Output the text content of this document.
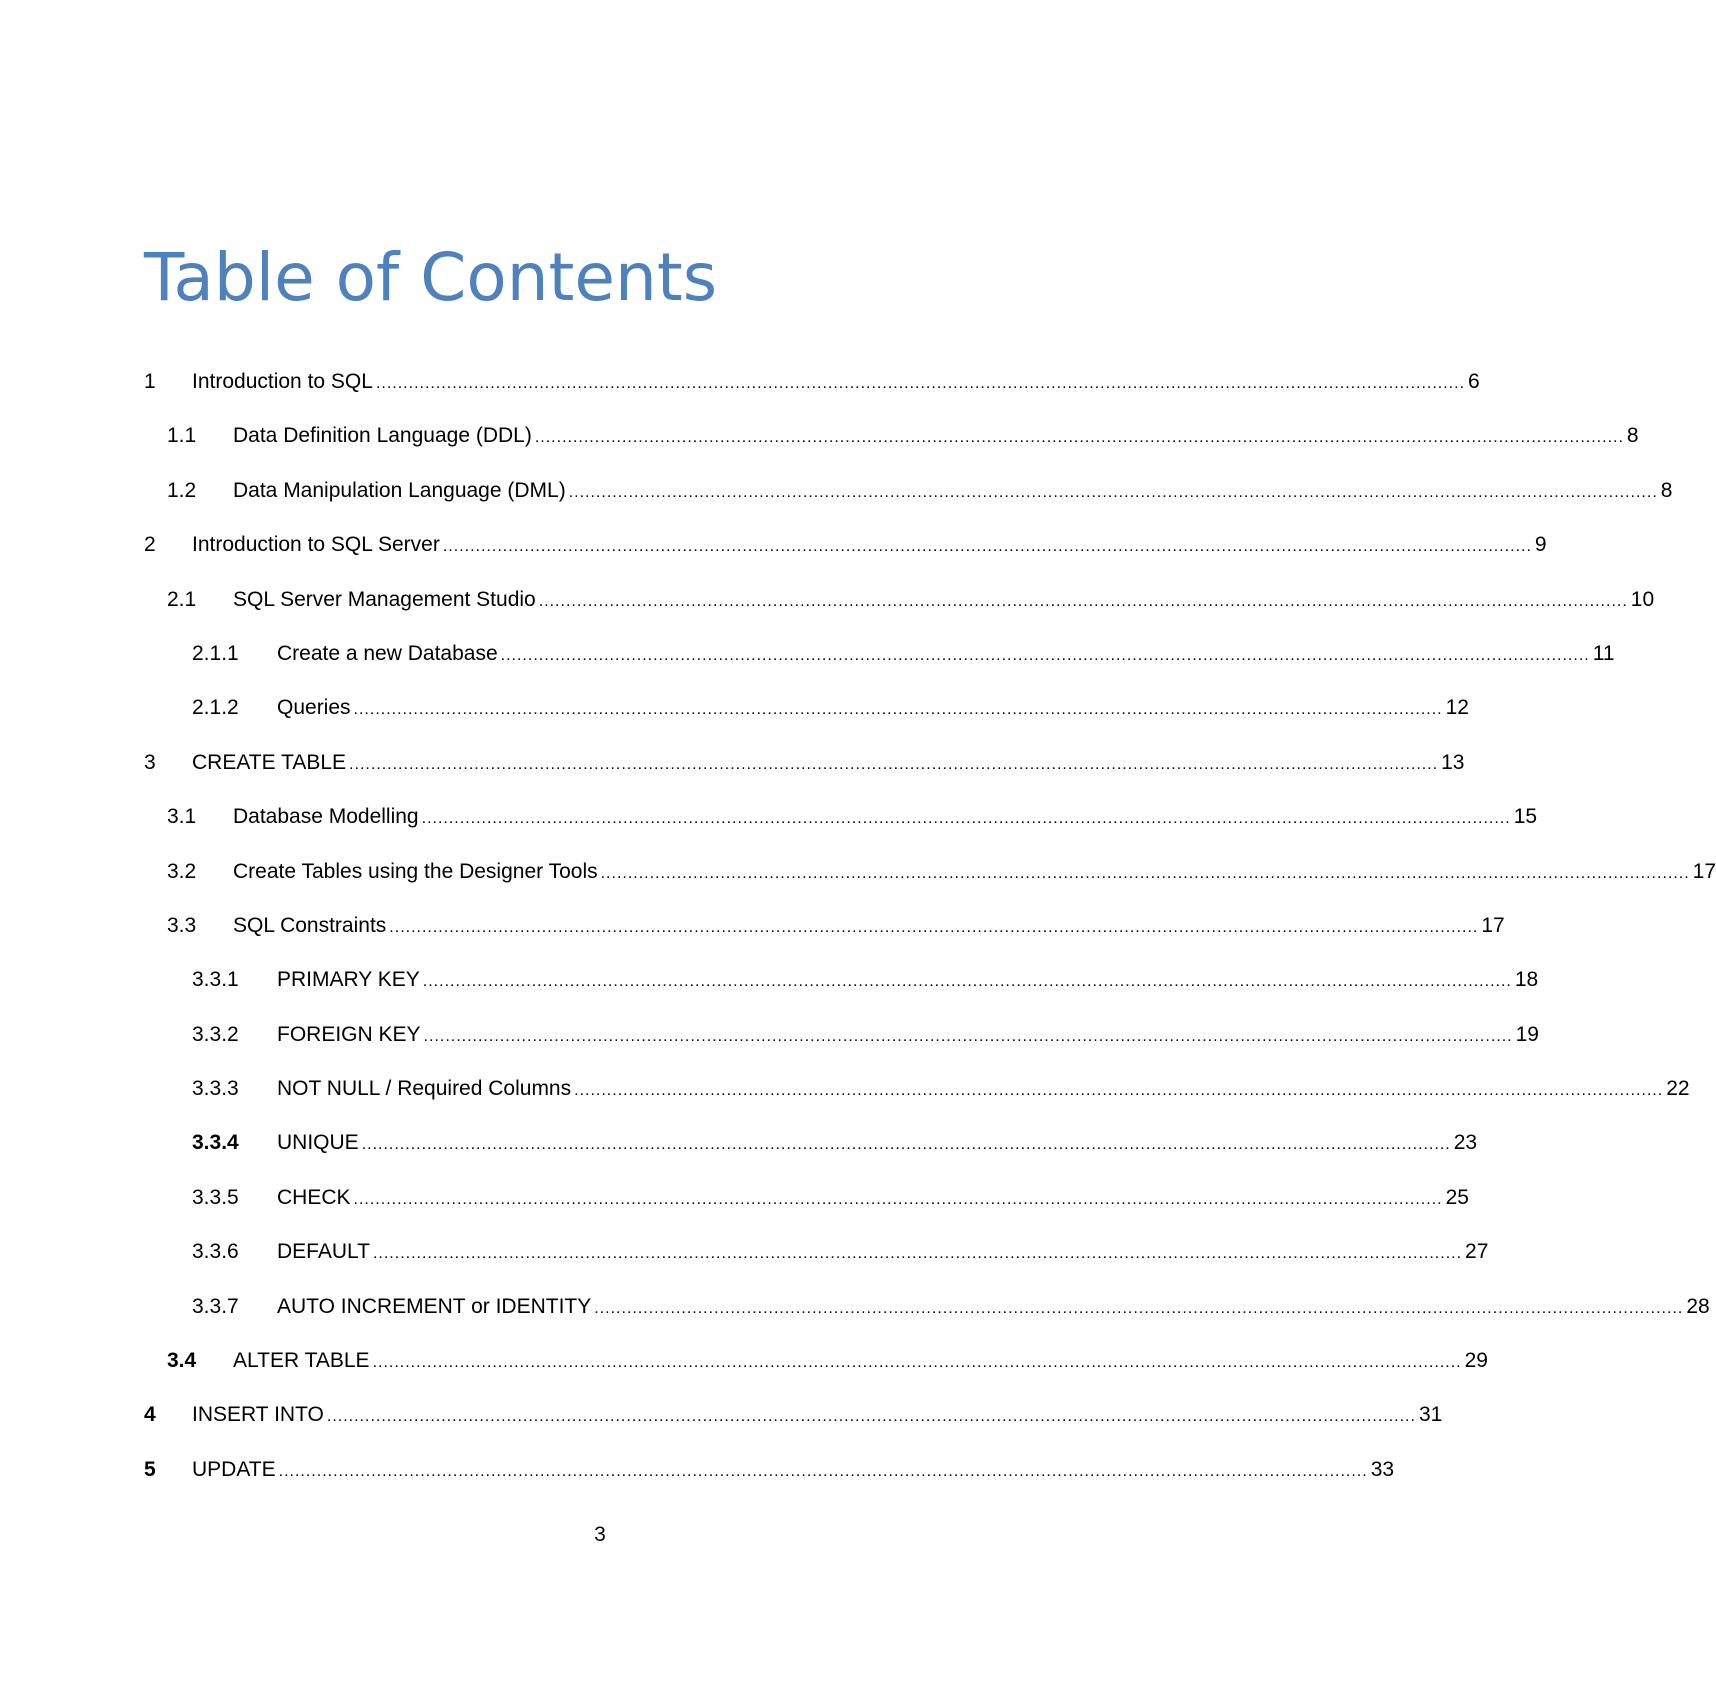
Table of Contents
1 Introduction to SQL ........................................................................................................................................................................................................ 6
1.1 Data Definition Language (DDL) ........................................................................................................................................................................................................ 8
1.2 Data Manipulation Language (DML) ........................................................................................................................................................................................................ 8
2 Introduction to SQL Server ........................................................................................................................................................................................................ 9
2.1 SQL Server Management Studio ........................................................................................................................................................................................................ 10
2.1.1 Create a new Database ........................................................................................................................................................................................................ 11
2.1.2 Queries ........................................................................................................................................................................................................ 12
3 CREATE TABLE ........................................................................................................................................................................................................ 13
3.1 Database Modelling ........................................................................................................................................................................................................ 15
3.2 Create Tables using the Designer Tools ........................................................................................................................................................................................................ 17
3.3 SQL Constraints ........................................................................................................................................................................................................ 17
3.3.1 PRIMARY KEY ........................................................................................................................................................................................................ 18
3.3.2 FOREIGN KEY ........................................................................................................................................................................................................ 19
3.3.3 NOT NULL / Required Columns ........................................................................................................................................................................................................ 22
3.3.4 UNIQUE ........................................................................................................................................................................................................ 23
3.3.5 CHECK ........................................................................................................................................................................................................ 25
3.3.6 DEFAULT ........................................................................................................................................................................................................ 27
3.3.7 AUTO INCREMENT or IDENTITY ........................................................................................................................................................................................................ 28
3.4 ALTER TABLE ........................................................................................................................................................................................................ 29
4 INSERT INTO ........................................................................................................................................................................................................ 31
5 UPDATE ........................................................................................................................................................................................................ 33
3
